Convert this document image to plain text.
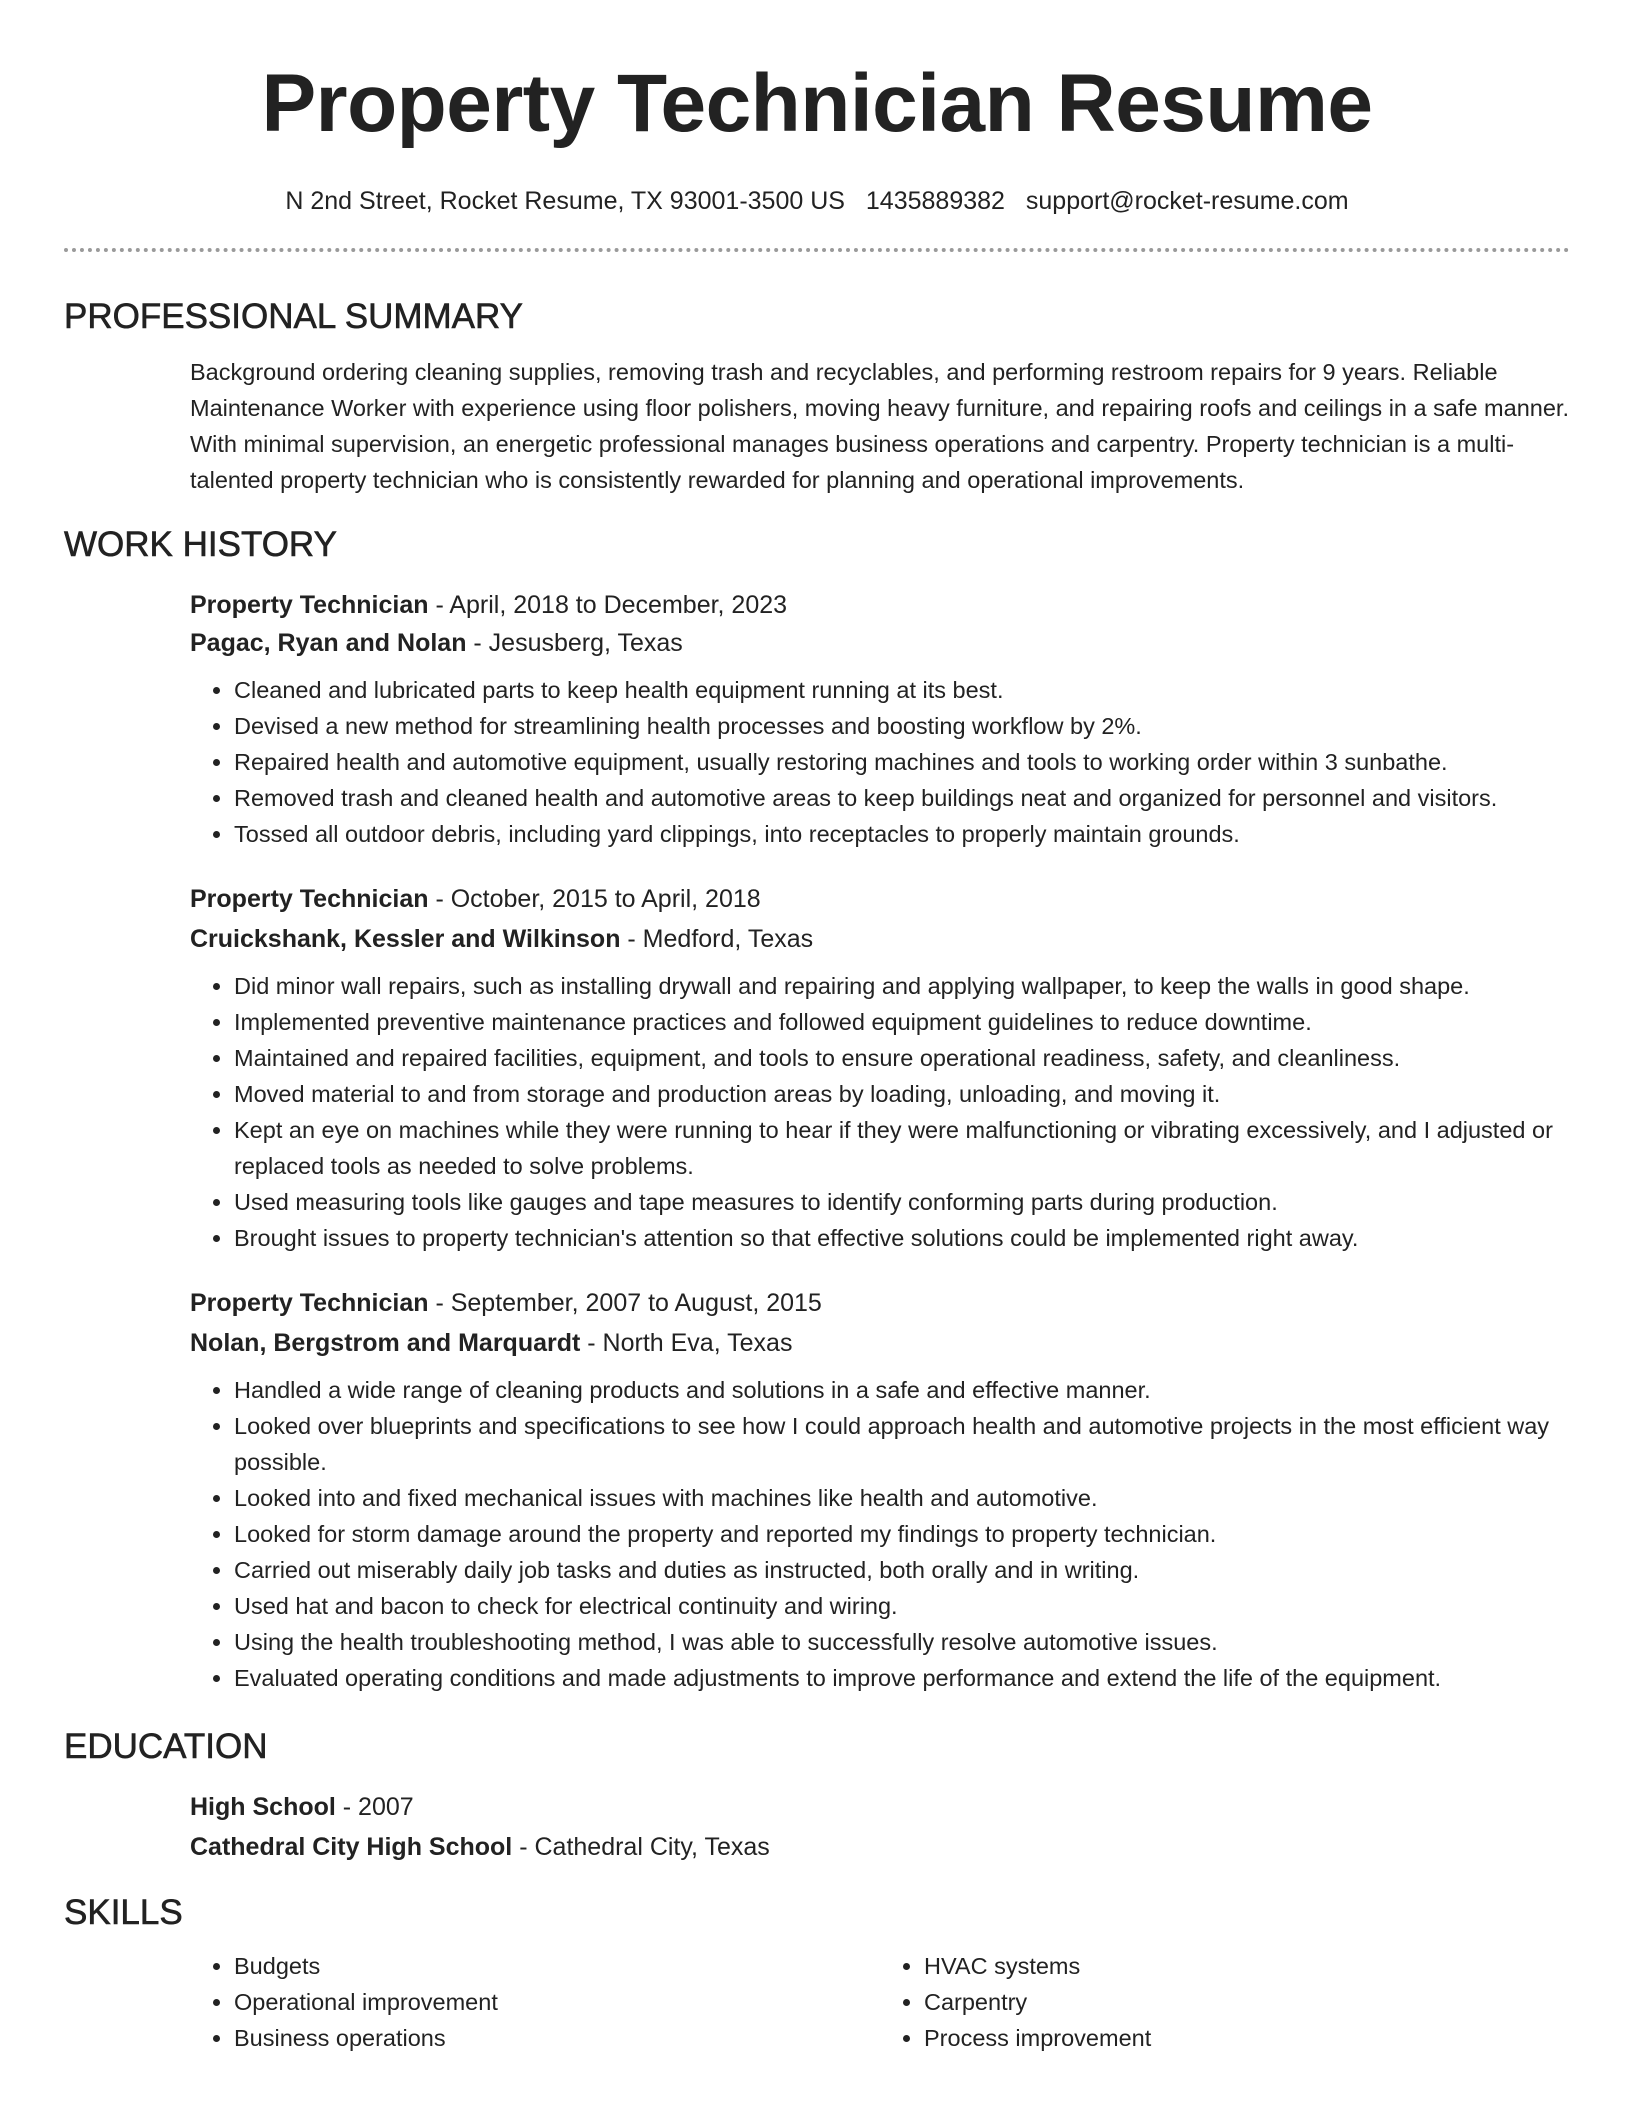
Property Technician Resume
N 2nd Street, Rocket Resume, TX 93001-3500 US 1435889382 support@rocket-resume.com
PROFESSIONAL SUMMARY

Background ordering cleaning supplies, removing trash and recyclables, and performing restroom repairs for 9 years. Reliable Maintenance Worker with experience using floor polishers, moving heavy furniture, and repairing roofs and ceilings in a safe manner. With minimal supervision, an energetic professional manages business operations and carpentry. Property technician is a multi-talented property technician who is consistently rewarded for planning and operational improvements.

WORK HISTORY
Property Technician - April, 2018 to December, 2023
Pagac, Ryan and Nolan - Jesusberg, Texas
• Cleaned and lubricated parts to keep health equipment running at its best.
• Devised a new method for streamlining health processes and boosting workflow by 2%.
• Repaired health and automotive equipment, usually restoring machines and tools to working order within 3 sunbathe.
• Removed trash and cleaned health and automotive areas to keep buildings neat and organized for personnel and visitors.
• Tossed all outdoor debris, including yard clippings, into receptacles to properly maintain grounds.
Property Technician - October, 2015 to April, 2018
Cruickshank, Kessler and Wilkinson - Medford, Texas
• Did minor wall repairs, such as installing drywall and repairing and applying wallpaper, to keep the walls in good shape.
• Implemented preventive maintenance practices and followed equipment guidelines to reduce downtime.
• Maintained and repaired facilities, equipment, and tools to ensure operational readiness, safety, and cleanliness.
• Moved material to and from storage and production areas by loading, unloading, and moving it.
• Kept an eye on machines while they were running to hear if they were malfunctioning or vibrating excessively, and I adjusted or replaced tools as needed to solve problems.
• Used measuring tools like gauges and tape measures to identify conforming parts during production.
• Brought issues to property technician's attention so that effective solutions could be implemented right away.
Property Technician - September, 2007 to August, 2015
Nolan, Bergstrom and Marquardt - North Eva, Texas
• Handled a wide range of cleaning products and solutions in a safe and effective manner.
• Looked over blueprints and specifications to see how I could approach health and automotive projects in the most efficient way possible.
• Looked into and fixed mechanical issues with machines like health and automotive.
• Looked for storm damage around the property and reported my findings to property technician.
• Carried out miserably daily job tasks and duties as instructed, both orally and in writing.
• Used hat and bacon to check for electrical continuity and wiring.
• Using the health troubleshooting method, I was able to successfully resolve automotive issues.
• Evaluated operating conditions and made adjustments to improve performance and extend the life of the equipment.
EDUCATION
High School - 2007
Cathedral City High School - Cathedral City, Texas
SKILLS
• Budgets
• Operational improvement
• Business operations
• HVAC systems
• Carpentry
• Process improvement
